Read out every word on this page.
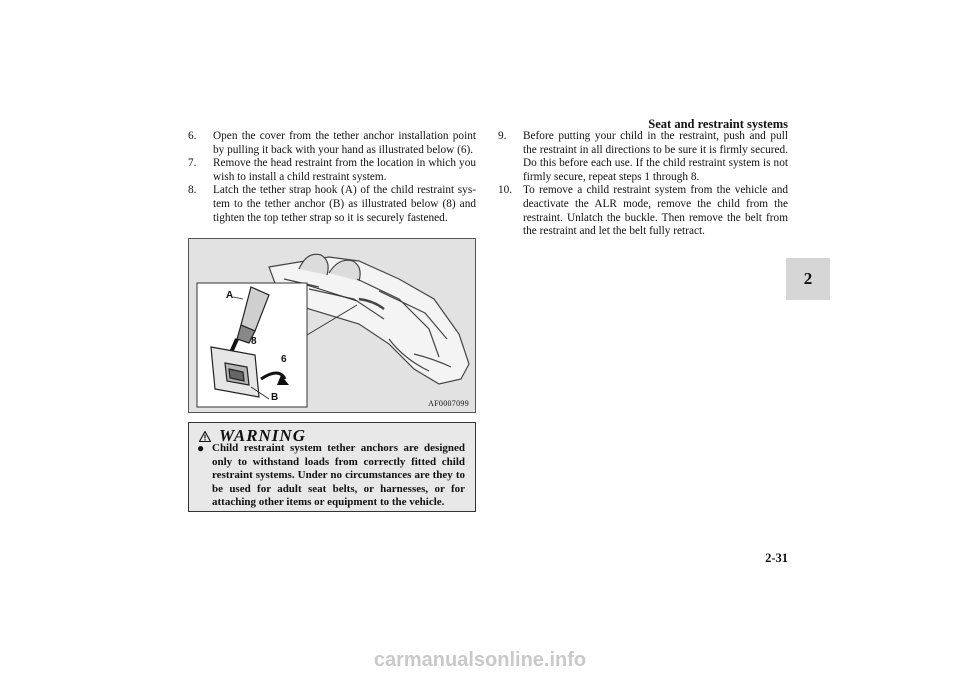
Seat and restraint systems
2
6.	Open the cover from the tether anchor installation point by pulling it back with your hand as illustrated below (6).
7.	Remove the head restraint from the location in which you wish to install a child restraint system.
8.	Latch the tether strap hook (A) of the child restraint sys-tem to the tether anchor (B) as illustrated below (8) and tighten the top tether strap so it is securely fastened.
A
8
6
B
AF0007099
WARNING
● Child restraint system tether anchors are designed only to withstand loads from correctly fitted child restraint systems. Under no circumstances are they to be used for adult seat belts, or harnesses, or for attaching other items or equipment to the vehicle.
9.	Before putting your child in the restraint, push and pull the restraint in all directions to be sure it is firmly secured. Do this before each use. If the child restraint system is not firmly secure, repeat steps 1 through 8.
10. To remove a child restraint system from the vehicle and deactivate the ALR mode, remove the child from the restraint. Unlatch the buckle. Then remove the belt from the restraint and let the belt fully retract.
2-31
carmanualsonline.info
